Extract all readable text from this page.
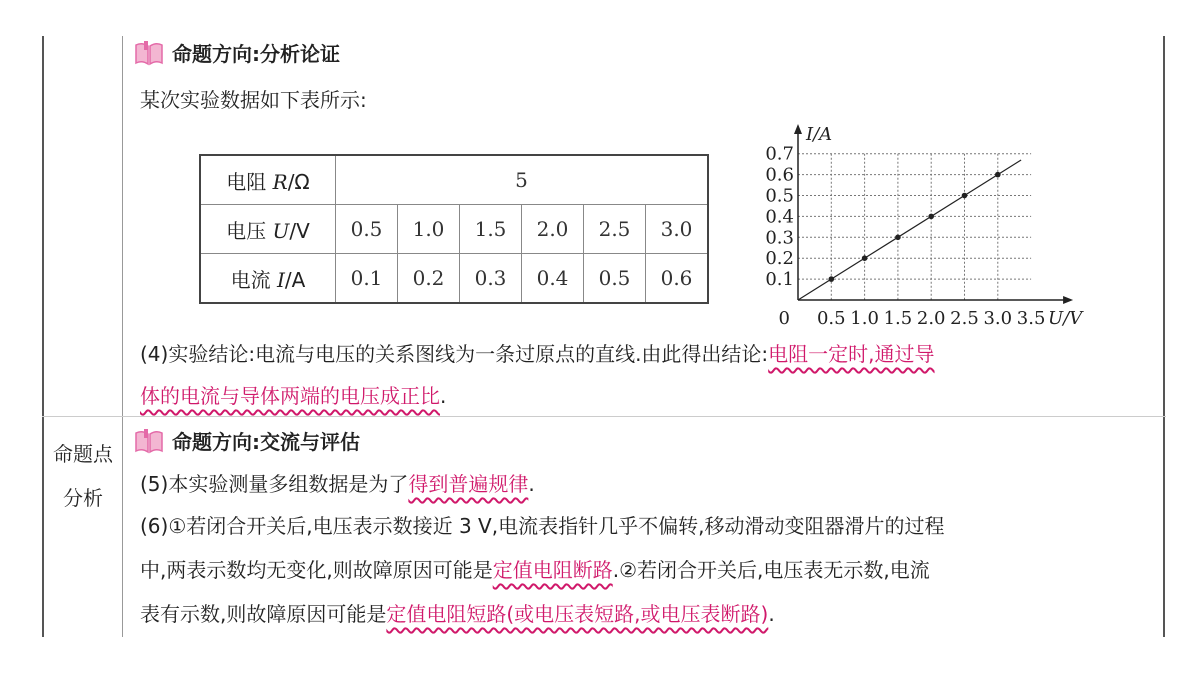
命题方向:分析论证
某次实验数据如下表所示:
电阻 R/Ω	5					
电压 U/V	0.5	1.0	1.5	2.0	2.5	3.0
电流 I/A	0.1	0.2	0.3	0.4	0.5	0.6
0.5 1.0 1.5 2.0 2.5 3.0 3.5
0.1
0.2
0.3
0.4
0.5
0.6
0.7
0	U/V
I/A
(4)实验结论:电流与电压的关系图线为一条过原点的直线.由此得出结论:电阻一定时,通过导
体的电流与导体两端的电压成正比.
命题点
分析
命题方向:交流与评估
(5)本实验测量多组数据是为了得到普遍规律.
(6)①若闭合开关后,电压表示数接近 3 V,电流表指针几乎不偏转,移动滑动变阻器滑片的过程
中,两表示数均无变化,则故障原因可能是定值电阻断路.②若闭合开关后,电压表无示数,电流
表有示数,则故障原因可能是定值电阻短路(或电压表短路,或电压表断路).
